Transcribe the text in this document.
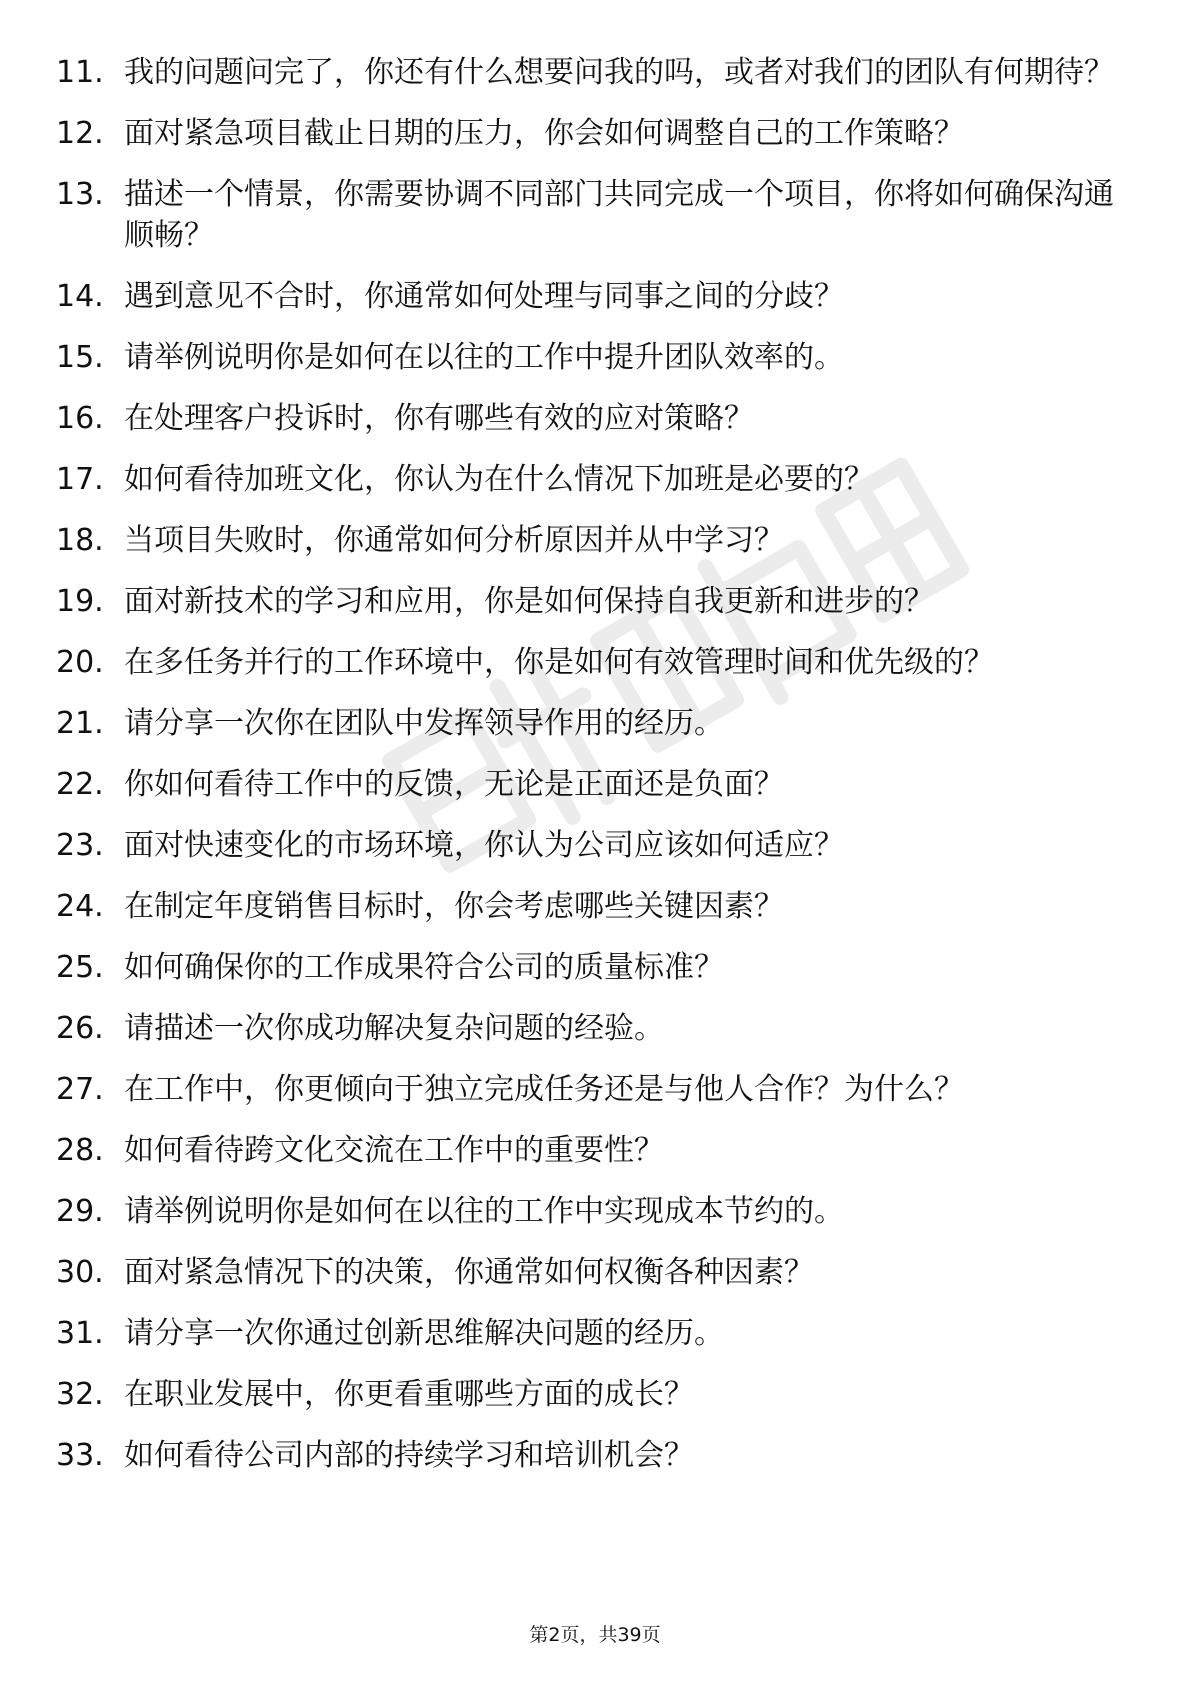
11. 我的问题问完了，你还有什么想要问我的吗，或者对我们的团队有何期待？
12. 面对紧急项目截止日期的压力，你会如何调整自己的工作策略？
13. 描述一个情景，你需要协调不同部门共同完成一个项目，你将如何确保沟通顺畅？
14. 遇到意见不合时，你通常如何处理与同事之间的分歧？
15. 请举例说明你是如何在以往的工作中提升团队效率的。
16. 在处理客户投诉时，你有哪些有效的应对策略？
17. 如何看待加班文化，你认为在什么情况下加班是必要的？
18. 当项目失败时，你通常如何分析原因并从中学习？
19. 面对新技术的学习和应用，你是如何保持自我更新和进步的？
20. 在多任务并行的工作环境中，你是如何有效管理时间和优先级的？
21. 请分享一次你在团队中发挥领导作用的经历。
22. 你如何看待工作中的反馈，无论是正面还是负面？
23. 面对快速变化的市场环境，你认为公司应该如何适应？
24. 在制定年度销售目标时，你会考虑哪些关键因素？
25. 如何确保你的工作成果符合公司的质量标准？
26. 请描述一次你成功解决复杂问题的经验。
27. 在工作中，你更倾向于独立完成任务还是与他人合作？为什么？
28. 如何看待跨文化交流在工作中的重要性？
29. 请举例说明你是如何在以往的工作中实现成本节约的。
30. 面对紧急情况下的决策，你通常如何权衡各种因素？
31. 请分享一次你通过创新思维解决问题的经历。
32. 在职业发展中，你更看重哪些方面的成长？
33. 如何看待公司内部的持续学习和培训机会？
第2页，共39页
